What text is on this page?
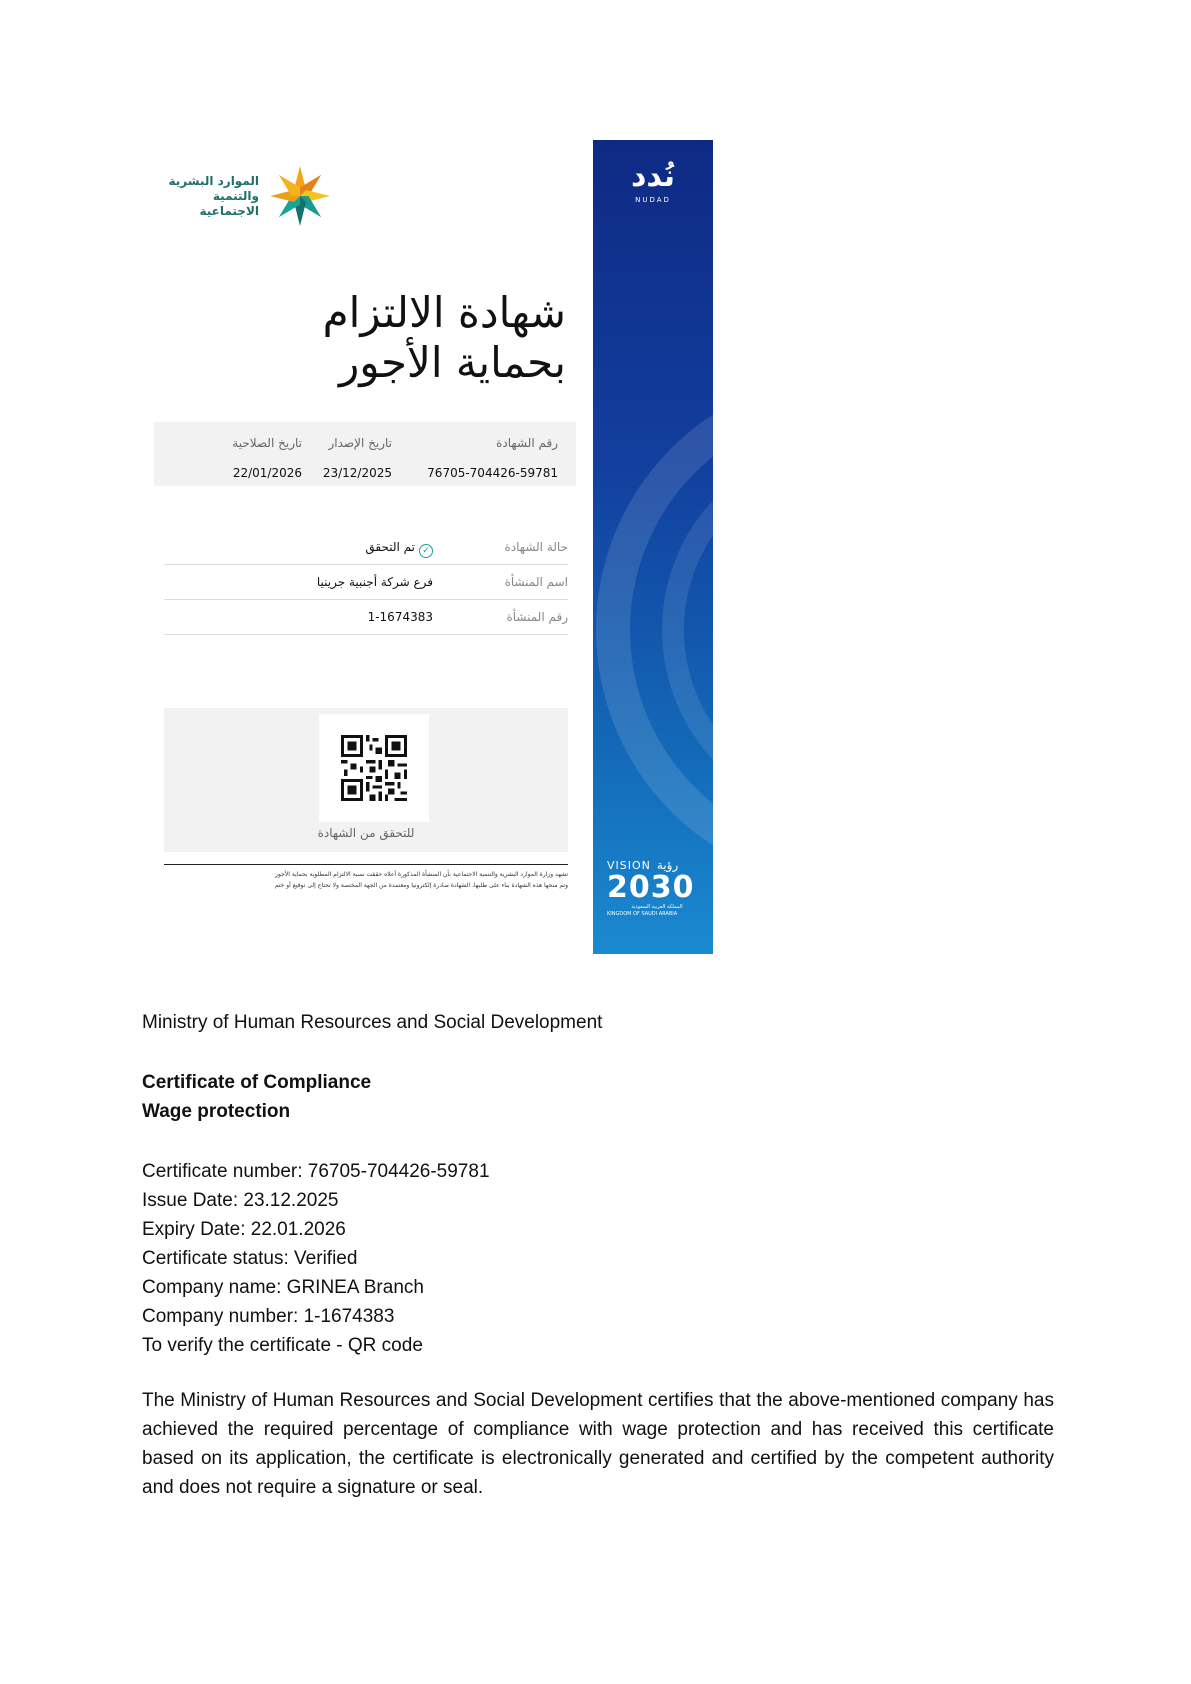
الموارد البشرية
والتنمية الاجتماعية
شهادة الالتزام
بحماية الأجور
رقم الشهادة
76705-704426-59781
تاريخ الإصدار
23/12/2025
تاريخ الصلاحية
22/01/2026
حالة الشهادة
✓تم التحقق
اسم المنشأة
فرع شركة أجنبية جرينيا
رقم المنشأة
1-1674383
للتحقق من الشهادة
تشهد وزارة الموارد البشرية والتنمية الاجتماعية بأن المنشأة المذكورة أعلاه حققت نسبة الالتزام المطلوبة بحماية الأجور
وتم منحها هذه الشهادة بناء على طلبها، الشهادة صادرة إلكترونيا ومعتمدة من الجهة المختصة ولا تحتاج إلى توقيع أو ختم
نُدد
NUDAD
VISION رؤية
2030
المملكة العربية السعودية
KINGDOM OF SAUDI ARABIA

Ministry of Human Resources and Social Development

Certificate of Compliance

Wage protection

Certificate number: 76705-704426-59781

Issue Date: 23.12.2025

Expiry Date: 22.01.2026

Certificate status: Verified

Company name: GRINEA Branch

Company number: 1-1674383

To verify the certificate - QR code

The Ministry of Human Resources and Social Development certifies that the above-mentioned company has achieved the required percentage of compliance with wage protection and has received this certificate based on its application, the certificate is electronically generated and certified by the competent authority and does not require a signature or seal.
